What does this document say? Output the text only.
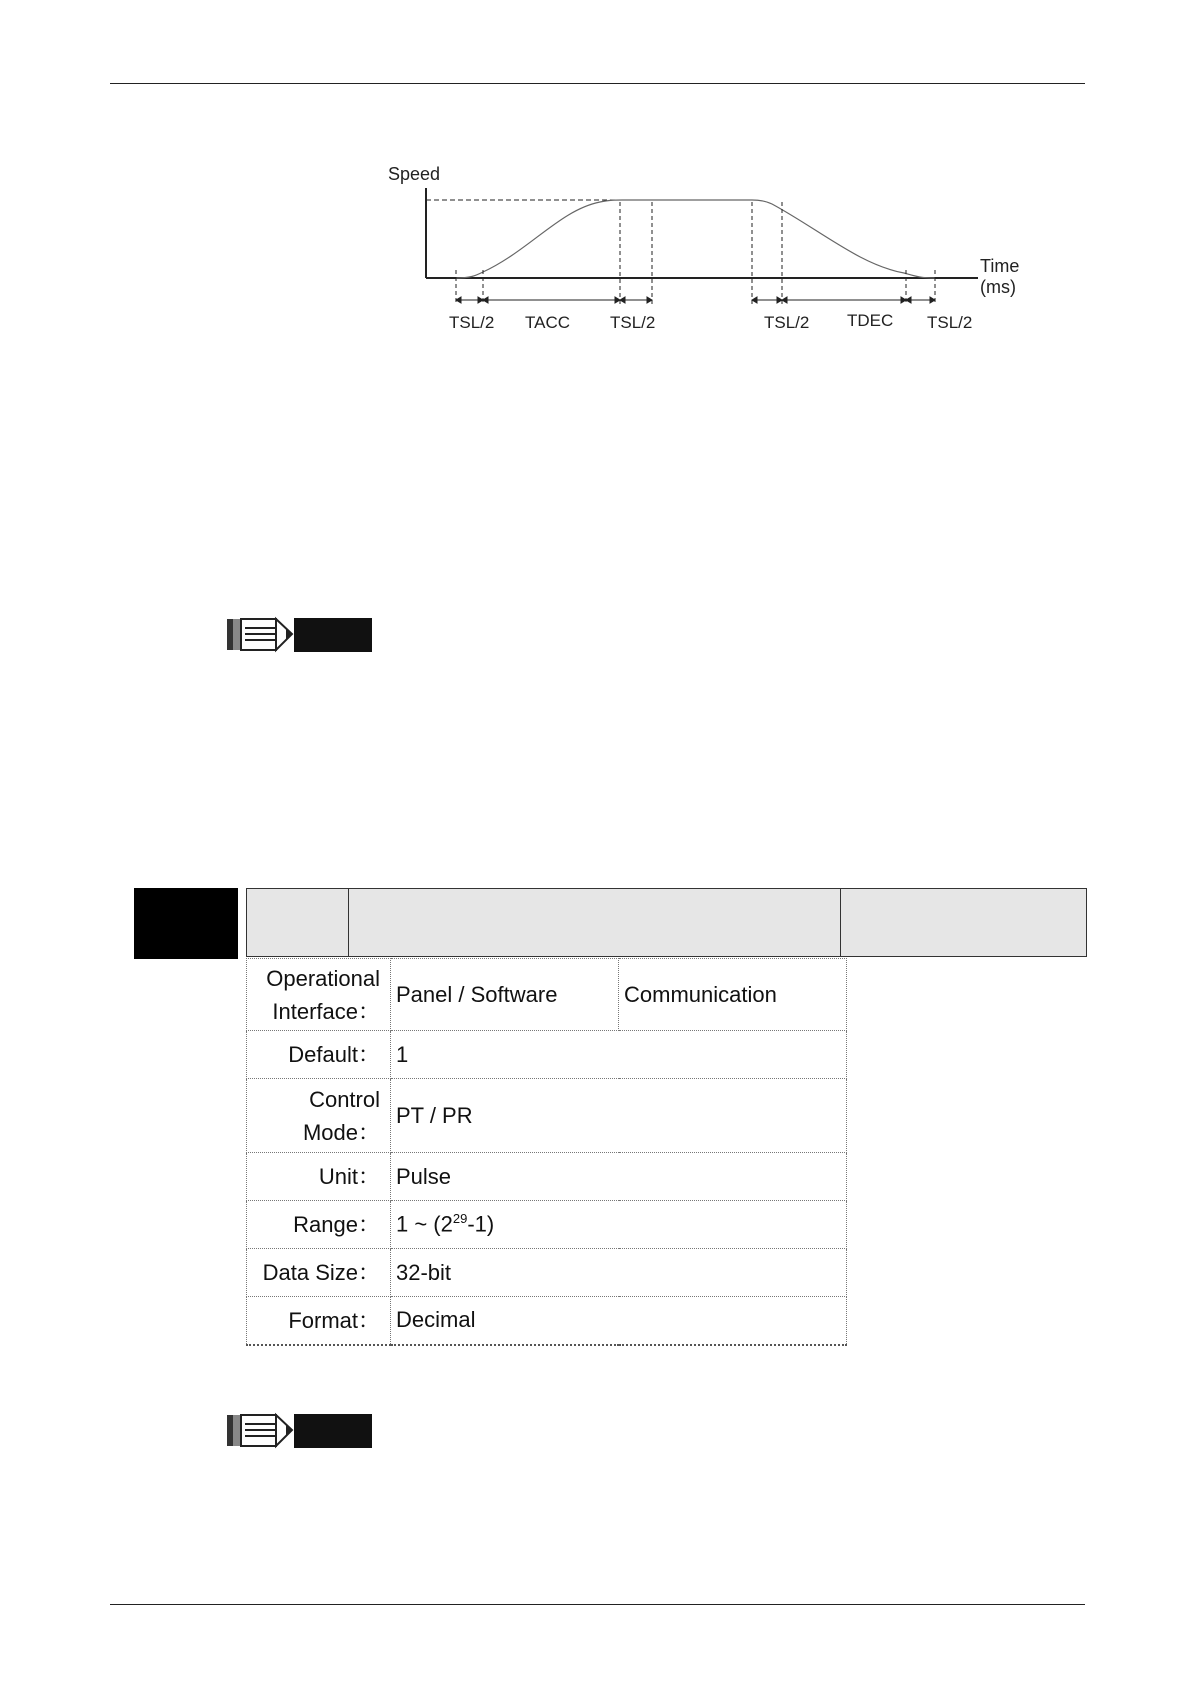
Speed
Time
(ms)
TSL/2 TACC TSL/2	TSL/2 TDEC TSL/2
Operational
Interface：	Panel / Software	Communication
Default：	1	

Control
Mode：	PT / PR	
Unit：	Pulse	
Range：	1 ~ $(2^{29}-1)$	
Data Size：	32-bit	
Format：	Decimal	
